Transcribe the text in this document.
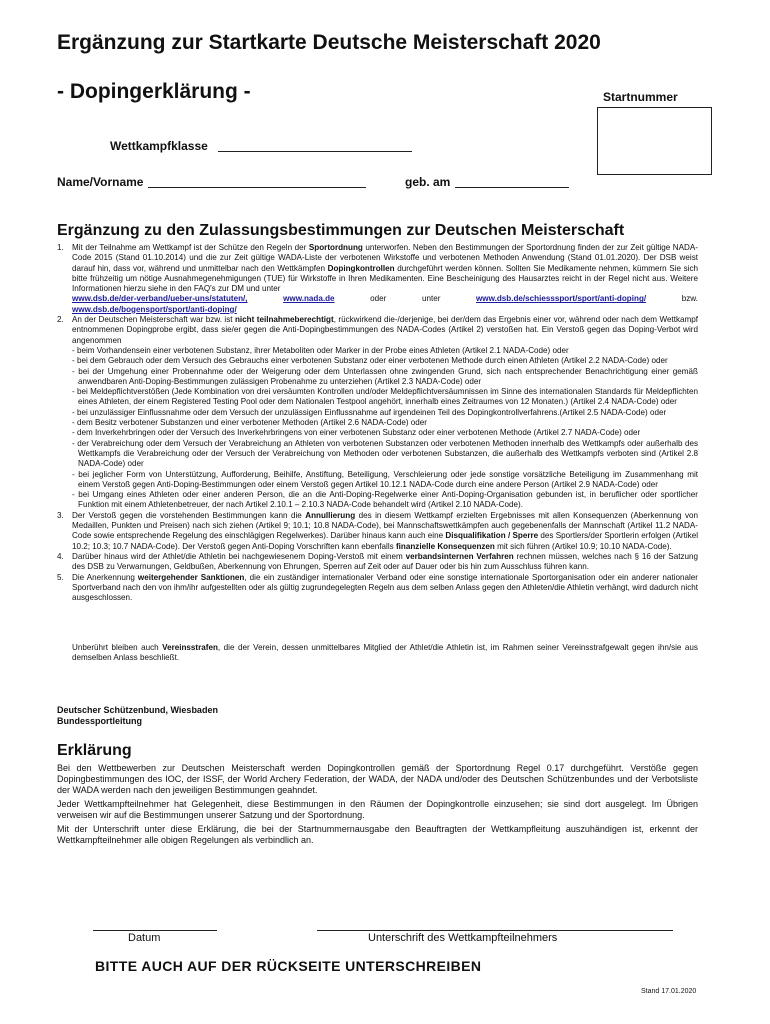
Ergänzung zur Startkarte Deutsche Meisterschaft 2020
- Dopingerklärung -	Startnummer
Wettkampfklasse
Name/Vorname	geb. am
Ergänzung zu den Zulassungsbestimmungen zur Deutschen Meisterschaft
1.	Mit der Teilnahme am Wettkampf ist der Schütze den Regeln der Sportordnung unterworfen. Neben den Bestimmungen der Sportordnung finden der zur Zeit gültige NADA-Code 2015 (Stand 01.10.2014) und die zur Zeit gültige WADA-Liste der verbotenen Wirkstoffe und verbotenen Methoden Anwendung (Stand 01.01.2020). Der DSB weist darauf hin, dass vor, während und unmittelbar nach den Wettkämpfen Dopingkontrollen durchgeführt werden können. Sollten Sie Medikamente nehmen, kümmern Sie sich bitte frühzeitig um nötige Ausnahmegenehmigungen (TUE) für Wirkstoffe in Ihren Medikamenten. Eine Bescheinigung des Hausarztes reicht in der Regel nicht aus. Weitere Informationen hierzu siehe in den FAQ's zur DM und unter

www.dsb.de/der-verband/ueber-uns/statuten/,	www.nada.de	oder	unter	www.dsb.de/schiesssport/sport/anti-doping/	bzw.

www.dsb.de/bogensport/sport/anti-doping/

2.	An der Deutschen Meisterschaft war bzw. ist nicht teilnahmeberechtigt, rückwirkend die-/derjenige, bei der/dem das Ergebnis einer vor, während oder nach dem Wettkampf entnommenen Dopingprobe ergibt, dass sie/er gegen die Anti-Dopingbestimmungen des NADA-Codes (Artikel 2) verstoßen hat. Ein Verstoß gegen das Doping-Verbot wird angenommen

- beim Vorhandensein einer verbotenen Substanz, ihrer Metaboliten oder Marker in der Probe eines Athleten (Artikel 2.1 NADA-Code) oder

- bei dem Gebrauch oder dem Versuch des Gebrauchs einer verbotenen Substanz oder einer verbotenen Methode durch einen Athleten (Artikel 2.2 NADA-Code) oder

- bei der Umgehung einer Probennahme oder der Weigerung oder dem Unterlassen ohne zwingenden Grund, sich nach entsprechender Benachrichtigung einer gemäß anwendbaren Anti-Doping-Bestimmungen zulässigen Probenahme zu unterziehen (Artikel 2.3 NADA-Code) oder

- bei Meldepflichtverstößen (Jede Kombination von drei versäumten Kontrollen und/oder Meldepflichtversäumnissen im Sinne des internationalen Standards für Meldepflichten eines Athleten, der einem Registered Testing Pool oder dem Nationalen Testpool angehört, innerhalb eines Zeitraumes von 12 Monaten.) (Artikel 2.4 NADA-Code) oder

- bei unzulässiger Einflussnahme oder dem Versuch der unzulässigen Einflussnahme auf irgendeinen Teil des Dopingkontrollverfahrens.(Artikel 2.5 NADA-Code) oder

- dem Besitz verbotener Substanzen und einer verbotener Methoden (Artikel 2.6 NADA-Code) oder

- dem Inverkehrbringen oder der Versuch des Inverkehrbringens von einer verbotenen Substanz oder einer verbotenen Methode (Artikel 2.7 NADA-Code) oder

- der Verabreichung oder dem Versuch der Verabreichung an Athleten von verbotenen Substanzen oder verbotenen Methoden innerhalb des Wettkampfs oder außerhalb des Wettkampfs die Verabreichung oder der Versuch der Verabreichung von Methoden oder verbotenen Substanzen, die außerhalb des Wettkampfs verboten sind (Artikel 2.8 NADA-Code) oder

- bei jeglicher Form von Unterstützung, Aufforderung, Beihilfe, Anstiftung, Beteiligung, Verschleierung oder jede sonstige vorsätzliche Beteiligung im Zusammenhang mit einem Verstoß gegen Anti-Doping-Bestimmungen oder einem Verstoß gegen Artikel 10.12.1 NADA-Code durch eine andere Person (Artikel 2.9 NADA-Code) oder

- bei Umgang eines Athleten oder einer anderen Person, die an die Anti-Doping-Regelwerke einer Anti-Doping-Organisation gebunden ist, in beruflicher oder sportlicher Funktion mit einem Athletenbetreuer, der nach Artikel 2.10.1 – 2.10.3 NADA-Code behandelt wird (Artikel 2.10 NADA-Code).

3.	Der Verstoß gegen die vorstehenden Bestimmungen kann die Annullierung des in diesem Wettkampf erzielten Ergebnisses mit allen Konsequenzen (Aberkennung von Medaillen, Punkten und Preisen) nach sich ziehen (Artikel 9; 10.1; 10.8 NADA-Code), bei Mannschaftswettkämpfen auch gegebenenfalls der Mannschaft (Artikel 11.2 NADA-Code sowie entsprechende Regelung des einschlägigen Regelwerkes). Darüber hinaus kann auch eine Disqualifikation / Sperre des Sportlers/der Sportlerin erfolgen (Artikel 10.2; 10.3; 10.7 NADA-Code). Der Verstoß gegen Anti-Doping Vorschriften kann ebenfalls finanzielle Konsequenzen mit sich führen (Artikel 10.9; 10.10 NADA-Code).

4.	Darüber hinaus wird der Athlet/die Athletin bei nachgewiesenem Doping-Verstoß mit einem verbandsinternen Verfahren rechnen müssen, welches nach § 16 der Satzung des DSB zu Verwarnungen, Geldbußen, Aberkennung von Ehrungen, Sperren auf Zeit oder auf Dauer oder bis hin zum Ausschluss führen kann.

5.	Die Anerkennung weitergehender Sanktionen, die ein zuständiger internationaler Verband oder eine sonstige internationale Sportorganisation oder ein anderer nationaler Sportverband nach den von ihm/ihr aufgestellten oder als gültig zugrundegelegten Regeln aus dem selben Anlass gegen den Athleten/die Athletin verhängt, wird dadurch nicht ausgeschlossen.

Unberührt bleiben auch Vereinsstrafen, die der Verein, dessen unmittelbares Mitglied der Athlet/die Athletin ist, im Rahmen seiner Vereinsstrafgewalt gegen ihn/sie aus demselben Anlass beschließt.
Deutscher Schützenbund, Wiesbaden
Bundessportleitung
Erklärung

Bei den Wettbewerben zur Deutschen Meisterschaft werden Dopingkontrollen gemäß der Sportordnung Regel 0.17 durchgeführt. Verstöße gegen Dopingbestimmungen des IOC, der ISSF, der World Archery Federation, der WADA, der NADA und/oder des Deutschen Schützenbundes und der Verbotsliste der WADA werden nach den jeweiligen Bestimmungen geahndet.

Jeder Wettkampfteilnehmer hat Gelegenheit, diese Bestimmungen in den Räumen der Dopingkontrolle einzusehen; sie sind dort ausgelegt. Im Übrigen verweisen wir auf die Bestimmungen unserer Satzung und der Sportordnung.

Mit der Unterschrift unter diese Erklärung, die bei der Startnummernausgabe den Beauftragten der Wettkampfleitung auszuhändigen ist, erkennt der Wettkampfteilnehmer alle obigen Regelungen als verbindlich an.

Datum	Unterschrift des Wettkampfteilnehmers
BITTE AUCH AUF DER RÜCKSEITE UNTERSCHREIBEN
Stand 17.01.2020
